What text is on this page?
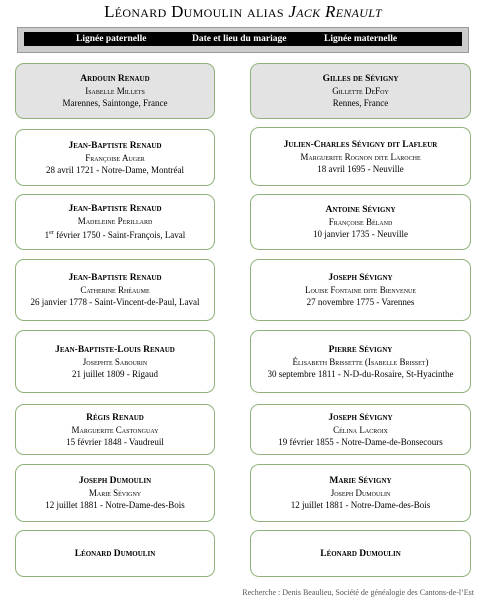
Léonard Dumoulin alias Jack Renault
Lignée paternelle	Date et lieu du mariage	Lignée maternelle
Ardouin Renaud
Isabelle Millets
Marennes, Saintonge, France
Jean-Baptiste Renaud
Françoise Auger
28 avril 1721 - Notre-Dame, Montréal
Jean-Baptiste Renaud
Madeleine Perillard
1er février 1750 - Saint-François, Laval
Jean-Baptiste Renaud
Catherine Rhéaume
26 janvier 1778 - Saint-Vincent-de-Paul, Laval
Jean-Baptiste-Louis Renaud
Josephte Sabourin
21 juillet 1809 - Rigaud
Régis Renaud
Marguerite Castonguay
15 février 1848 - Vaudreuil
Joseph Dumoulin
Marie Sévigny
12 juillet 1881 - Notre-Dame-des-Bois
Léonard Dumoulin
Gilles de Sévigny
Gillette DeFoy
Rennes, France
Julien-Charles Sévigny dit Lafleur
Marguerite Rognon dite Laroche
18 avril 1695 - Neuville
Antoine Sévigny
Françoise Béland
10 janvier 1735 - Neuville
Joseph Sévigny
Louise Fontaine dite Bienvenue
27 novembre 1775 - Varennes
Pierre Sévigny
Élisabeth Brissette (Isabelle Brisset)
30 septembre 1811 - N-D-du-Rosaire, St-Hyacinthe
Joseph Sévigny
Célina Lacroix
19 février 1855 - Notre-Dame-de-Bonsecours
Marie Sévigny
Joseph Dumoulin
12 juillet 1881 - Notre-Dame-des-Bois
Léonard Dumoulin
Recherche : Denis Beaulieu, Société de généalogie des Cantons-de-l’Est
